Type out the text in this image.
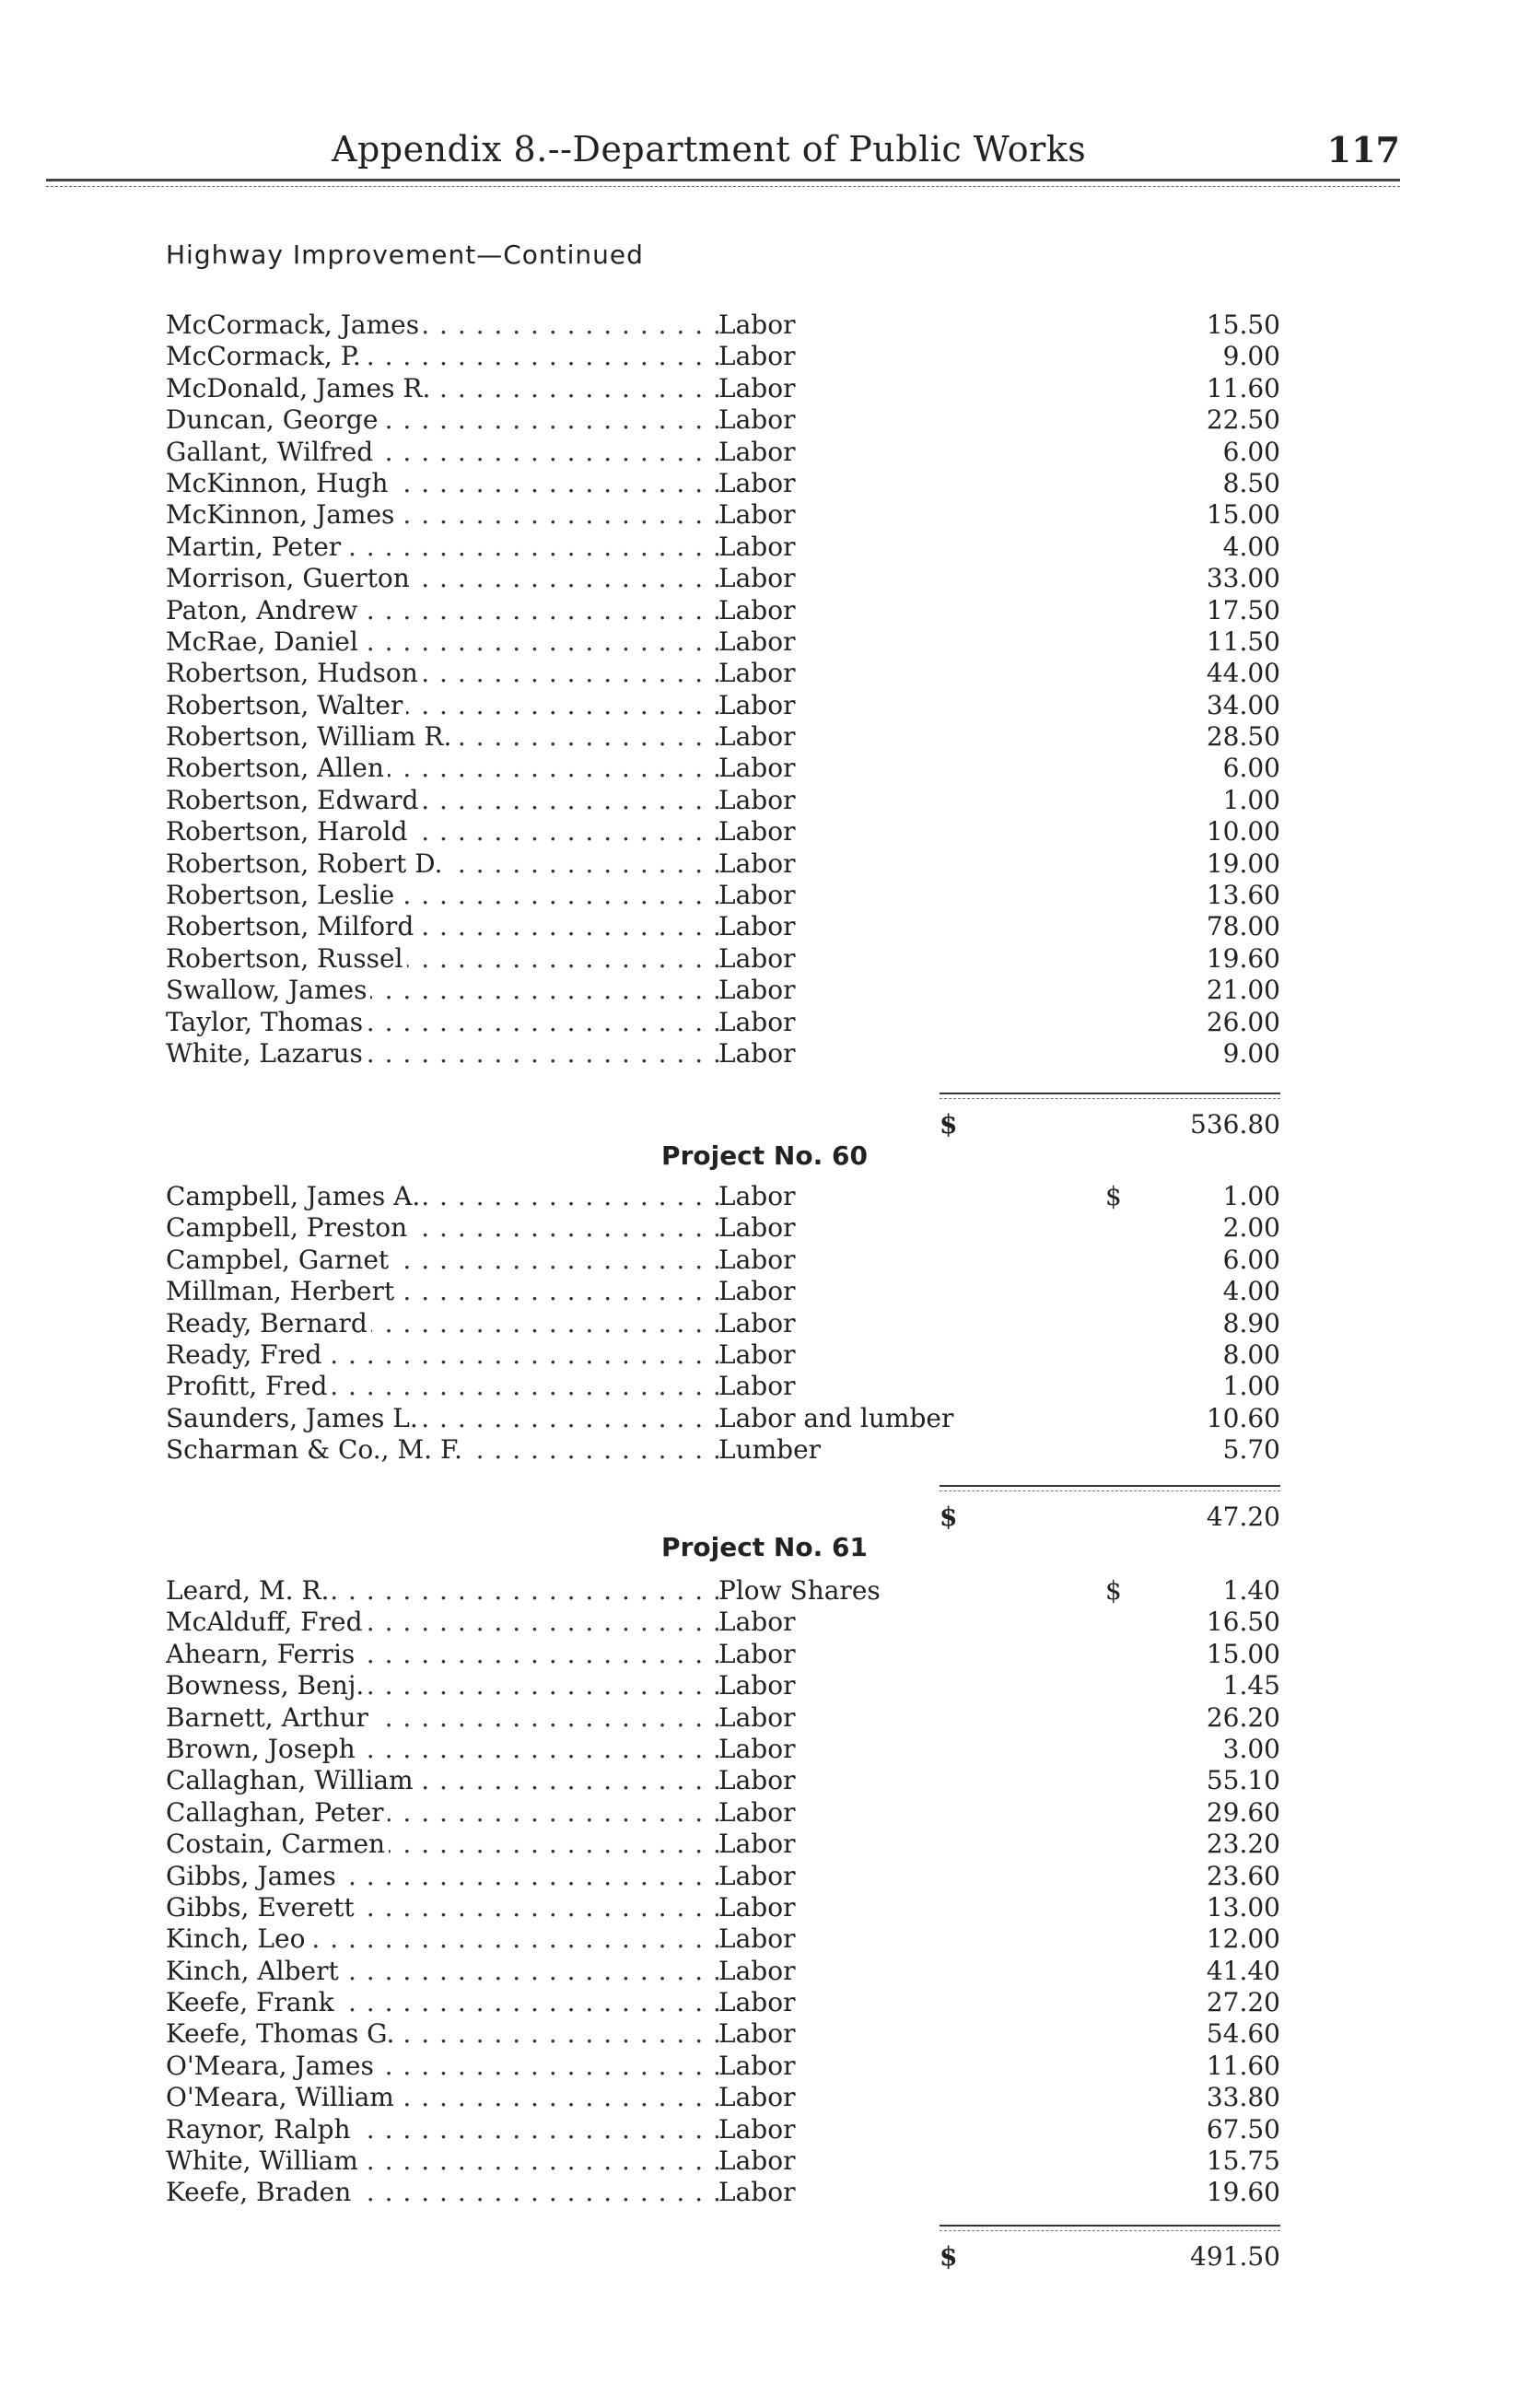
Appendix 8.--Department of Public Works	117
Highway Improvement—Continued
McCormack, James . . .	Labor . . .	15.50
McCormack, P. . . .	Labor . . .	9.00
McDonald, James R. . . .	Labor . . .	11.60
Duncan, George . . .	Labor . . .	22.50
Gallant, Wilfred . . .	Labor . . .	6.00
McKinnon, Hugh . . .	Labor . . .	8.50
McKinnon, James . . .	Labor . . .	15.00
Martin, Peter . . .	Labor . . .	4.00
Morrison, Guerton . . .	Labor . . .	33.00
Paton, Andrew . . .	Labor . . .	17.50
McRae, Daniel . . .	Labor . . .	11.50
Robertson, Hudson . . .	Labor . . .	44.00
Robertson, Walter . . .	Labor . . .	34.00
Robertson, William R. . . .	Labor . . .	28.50
Robertson, Allen . . .	Labor . . .	6.00
Robertson, Edward . . .	Labor . . .	1.00
Robertson, Harold . . .	Labor . . .	10.00
Robertson, Robert D. . . .	Labor . . .	19.00
Robertson, Leslie . . .	Labor . . .	13.60
Robertson, Milford . . .	Labor . . .	78.00
Robertson, Russel . . .	Labor . . .	19.60
Swallow, James . . .	Labor . . .	21.00
Taylor, Thomas . . .	Labor . . .	26.00
White, Lazarus . . .	Labor . . .	9.00
$	536.80
Project No. 60
Campbell, James A. . . .	Labor . . .	$	1.00
Campbell, Preston . . .	Labor . . .	2.00
Campbel, Garnet . . .	Labor . . .	6.00
Millman, Herbert . . .	Labor . . .	4.00
Ready, Bernard . . .	Labor . . .	8.90
Ready, Fred . . .	Labor . . .	8.00
Profitt, Fred . . .	Labor . . .	1.00
Saunders, James L. . . .	Labor and lumber . . .	10.60
Scharman & Co., M. F. . . .	Lumber . . .	5.70
$	47.20
Project No. 61
Leard, M. R. . . .	Plow Shares . . .	$	1.40
McAlduff, Fred . . .	Labor . . .	16.50
Ahearn, Ferris . . .	Labor . . .	15.00
Bowness, Benj. . . .	Labor . . .	1.45
Barnett, Arthur . . .	Labor . . .	26.20
Brown, Joseph . . .	Labor . . .	3.00
Callaghan, William . . .	Labor . . .	55.10
Callaghan, Peter . . .	Labor . . .	29.60
Costain, Carmen . . .	Labor . . .	23.20
Gibbs, James . . .	Labor . . .	23.60
Gibbs, Everett . . .	Labor . . .	13.00
Kinch, Leo . . .	Labor . . .	12.00
Kinch, Albert . . .	Labor . . .	41.40
Keefe, Frank . . .	Labor . . .	27.20
Keefe, Thomas G. . . .	Labor . . .	54.60
O'Meara, James . . .	Labor . . .	11.60
O'Meara, William . . .	Labor . . .	33.80
Raynor, Ralph . . .	Labor . . .	67.50
White, William . . .	Labor . . .	15.75
Keefe, Braden . . .	Labor . . .	19.60
$	491.50
